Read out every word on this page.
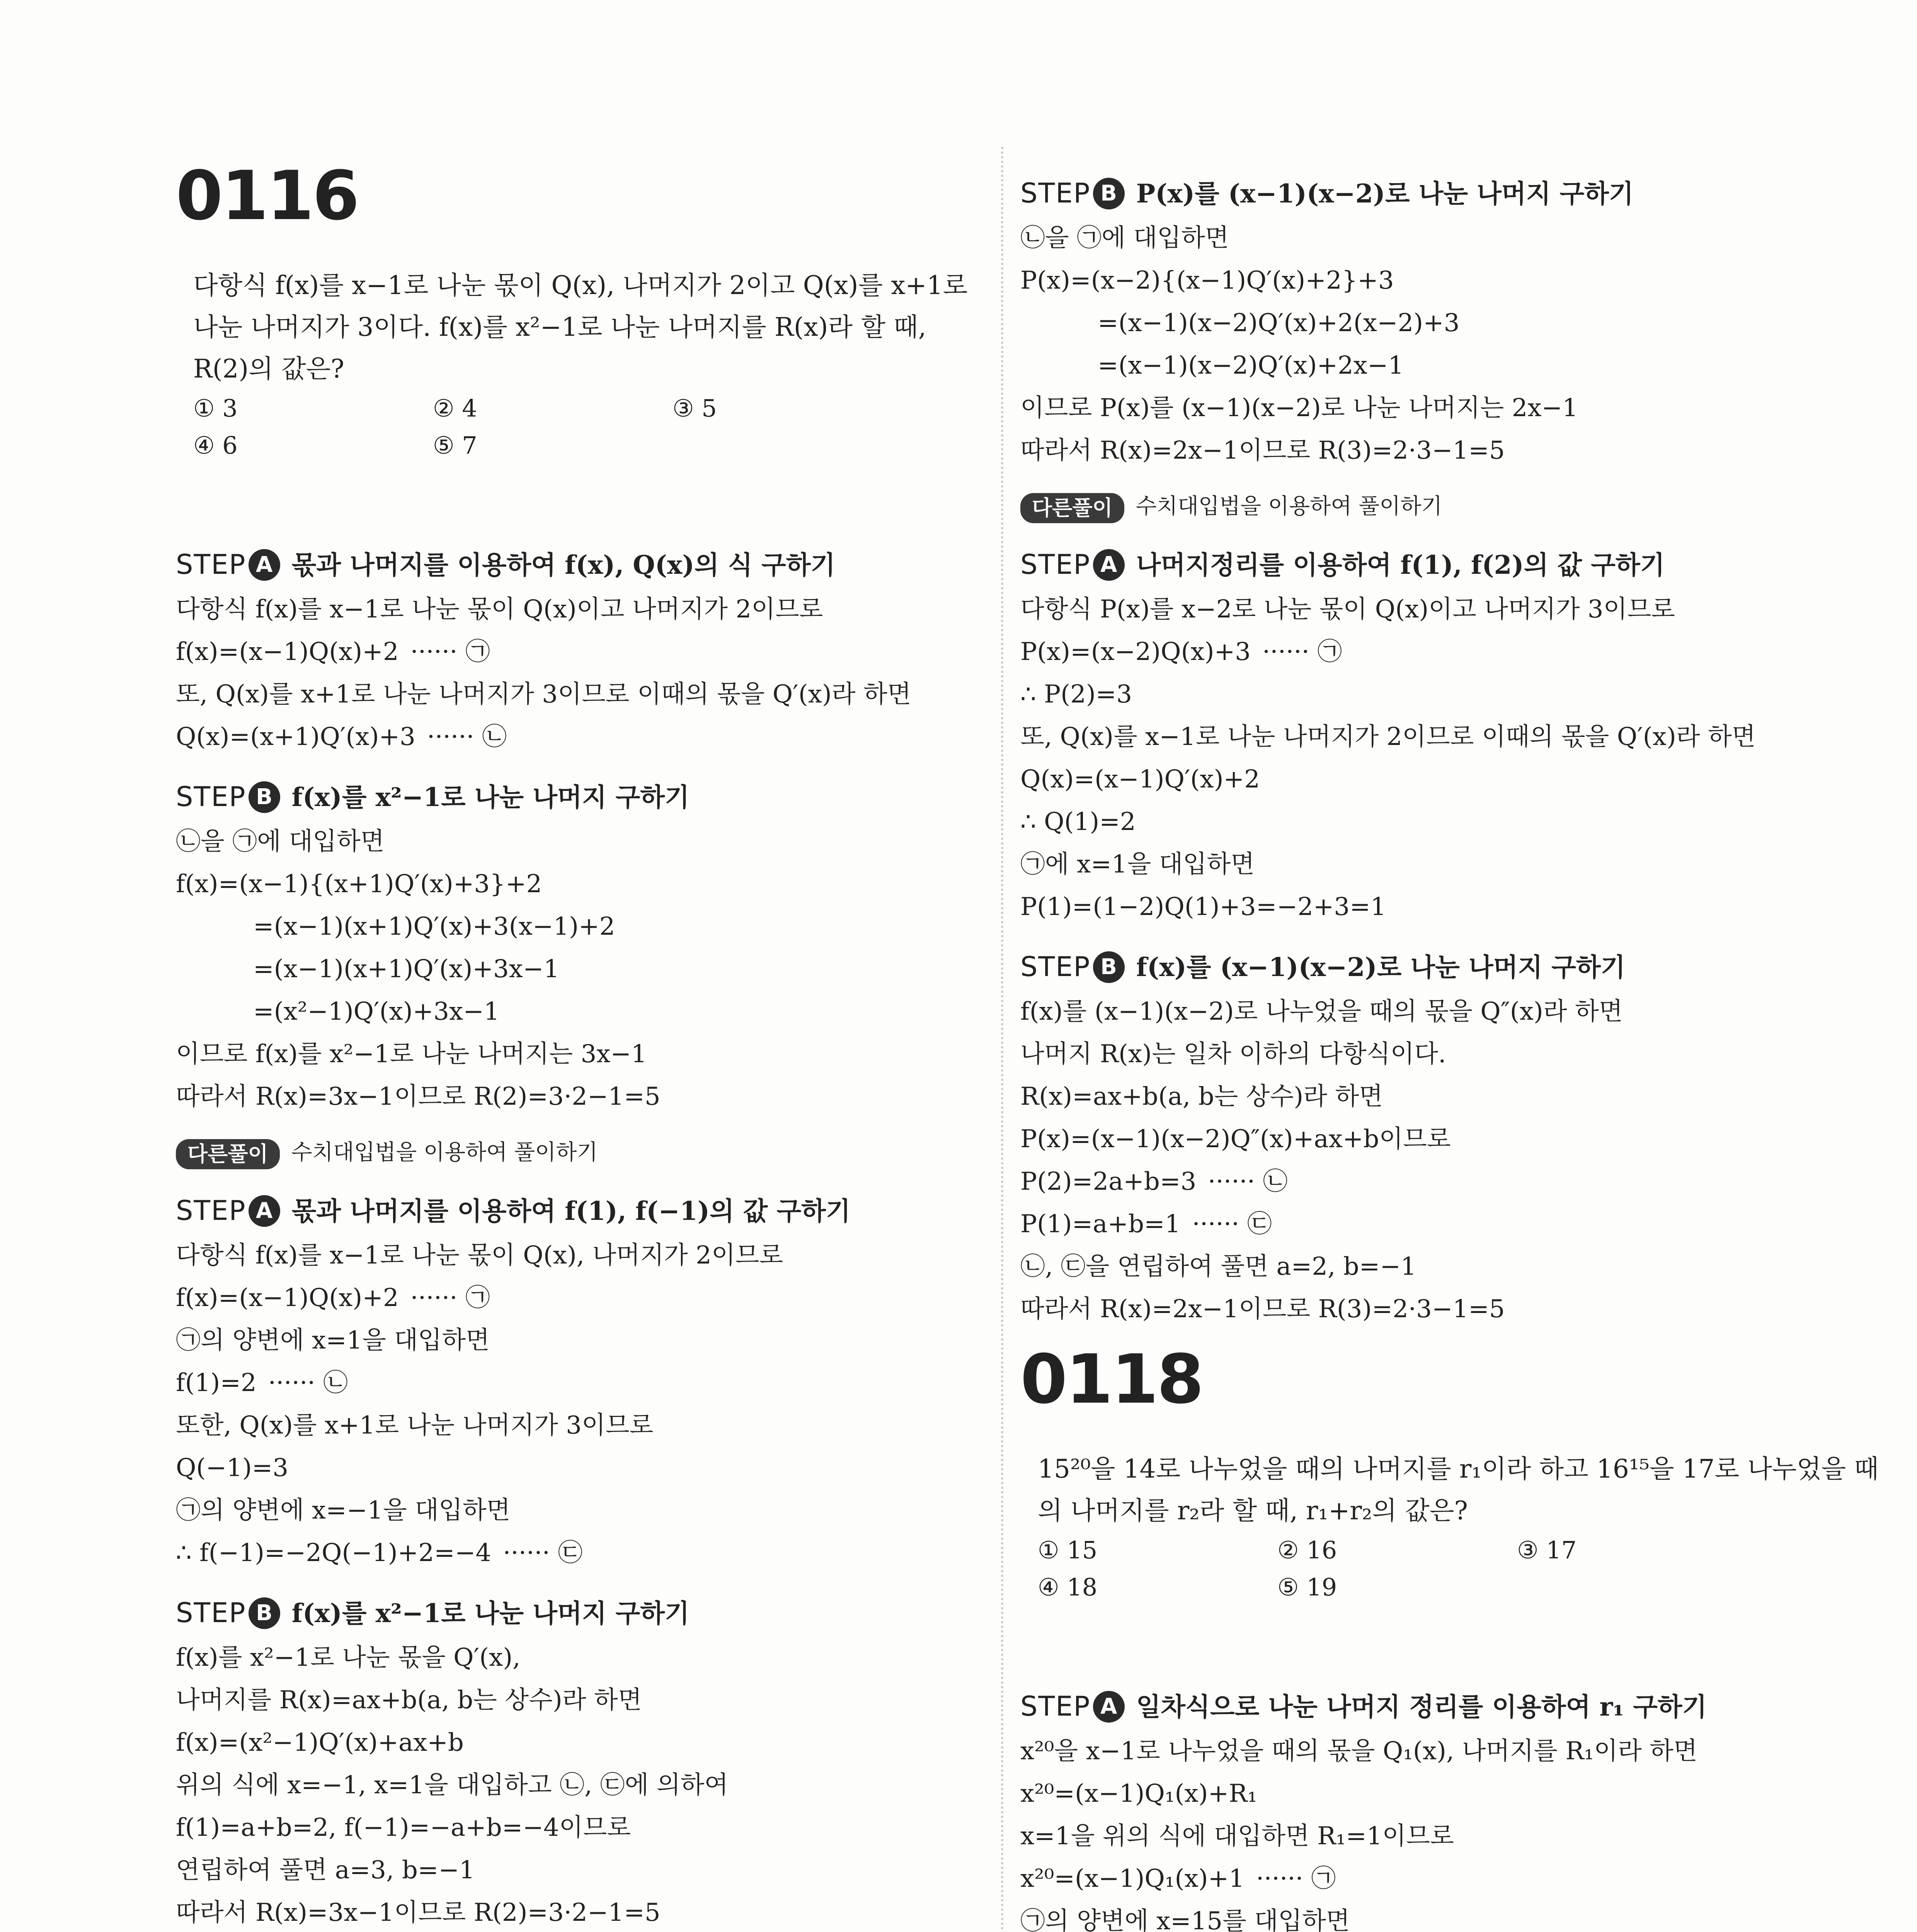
0116
다항식 f(x)를 x−1로 나눈 몫이 Q(x), 나머지가 2이고 Q(x)를 x+1로
나눈 나머지가 3이다. f(x)를 x²−1로 나눈 나머지를 R(x)라 할 때,
R(2)의 값은?
① 3	② 4	③ 5
④ 6	⑤ 7
STEP A 몫과 나머지를 이용하여 f(x), Q(x)의 식 구하기
다항식 f(x)를 x−1로 나눈 몫이 Q(x)이고 나머지가 2이므로
f(x)=(x−1)Q(x)+2 ······ ㉠
또, Q(x)를 x+1로 나눈 나머지가 3이므로 이때의 몫을 Q′(x)라 하면
Q(x)=(x+1)Q′(x)+3 ······ ㉡
STEP B f(x)를 x²−1로 나눈 나머지 구하기
㉡을 ㉠에 대입하면
f(x)=(x−1){(x+1)Q′(x)+3}+2
=(x−1)(x+1)Q′(x)+3(x−1)+2
=(x−1)(x+1)Q′(x)+3x−1
=(x²−1)Q′(x)+3x−1
이므로 f(x)를 x²−1로 나눈 나머지는 3x−1
따라서 R(x)=3x−1이므로 R(2)=3·2−1=5
다른풀이 수치대입법을 이용하여 풀이하기
STEP A 몫과 나머지를 이용하여 f(1), f(−1)의 값 구하기
다항식 f(x)를 x−1로 나눈 몫이 Q(x), 나머지가 2이므로
f(x)=(x−1)Q(x)+2 ······ ㉠
㉠의 양변에 x=1을 대입하면
f(1)=2 ······ ㉡
또한, Q(x)를 x+1로 나눈 나머지가 3이므로
Q(−1)=3
㉠의 양변에 x=−1을 대입하면
∴ f(−1)=−2Q(−1)+2=−4 ······ ㉢
STEP B f(x)를 x²−1로 나눈 나머지 구하기
f(x)를 x²−1로 나눈 몫을 Q′(x),
나머지를 R(x)=ax+b(a, b는 상수)라 하면
f(x)=(x²−1)Q′(x)+ax+b
위의 식에 x=−1, x=1을 대입하고 ㉡, ㉢에 의하여
f(1)=a+b=2, f(−1)=−a+b=−4이므로
연립하여 풀면 a=3, b=−1
따라서 R(x)=3x−1이므로 R(2)=3·2−1=5
STEP B P(x)를 (x−1)(x−2)로 나눈 나머지 구하기
㉡을 ㉠에 대입하면
P(x)=(x−2){(x−1)Q′(x)+2}+3
=(x−1)(x−2)Q′(x)+2(x−2)+3
=(x−1)(x−2)Q′(x)+2x−1
이므로 P(x)를 (x−1)(x−2)로 나눈 나머지는 2x−1
따라서 R(x)=2x−1이므로 R(3)=2·3−1=5
다른풀이 수치대입법을 이용하여 풀이하기
STEP A 나머지정리를 이용하여 f(1), f(2)의 값 구하기
다항식 P(x)를 x−2로 나눈 몫이 Q(x)이고 나머지가 3이므로
P(x)=(x−2)Q(x)+3 ······ ㉠
∴ P(2)=3
또, Q(x)를 x−1로 나눈 나머지가 2이므로 이때의 몫을 Q′(x)라 하면
Q(x)=(x−1)Q′(x)+2
∴ Q(1)=2
㉠에 x=1을 대입하면
P(1)=(1−2)Q(1)+3=−2+3=1
STEP B f(x)를 (x−1)(x−2)로 나눈 나머지 구하기
f(x)를 (x−1)(x−2)로 나누었을 때의 몫을 Q″(x)라 하면
나머지 R(x)는 일차 이하의 다항식이다.
R(x)=ax+b(a, b는 상수)라 하면
P(x)=(x−1)(x−2)Q″(x)+ax+b이므로
P(2)=2a+b=3 ······ ㉡
P(1)=a+b=1 ······ ㉢
㉡, ㉢을 연립하여 풀면 a=2, b=−1
따라서 R(x)=2x−1이므로 R(3)=2·3−1=5
0118
15²⁰을 14로 나누었을 때의 나머지를 r₁이라 하고 16¹⁵을 17로 나누었을 때
의 나머지를 r₂라 할 때, r₁+r₂의 값은?
① 15	② 16	③ 17
④ 18	⑤ 19
STEP A 일차식으로 나눈 나머지 정리를 이용하여 r₁ 구하기
x²⁰을 x−1로 나누었을 때의 몫을 Q₁(x), 나머지를 R₁이라 하면
x²⁰=(x−1)Q₁(x)+R₁
x=1을 위의 식에 대입하면 R₁=1이므로
x²⁰=(x−1)Q₁(x)+1 ······ ㉠
㉠의 양변에 x=15를 대입하면
